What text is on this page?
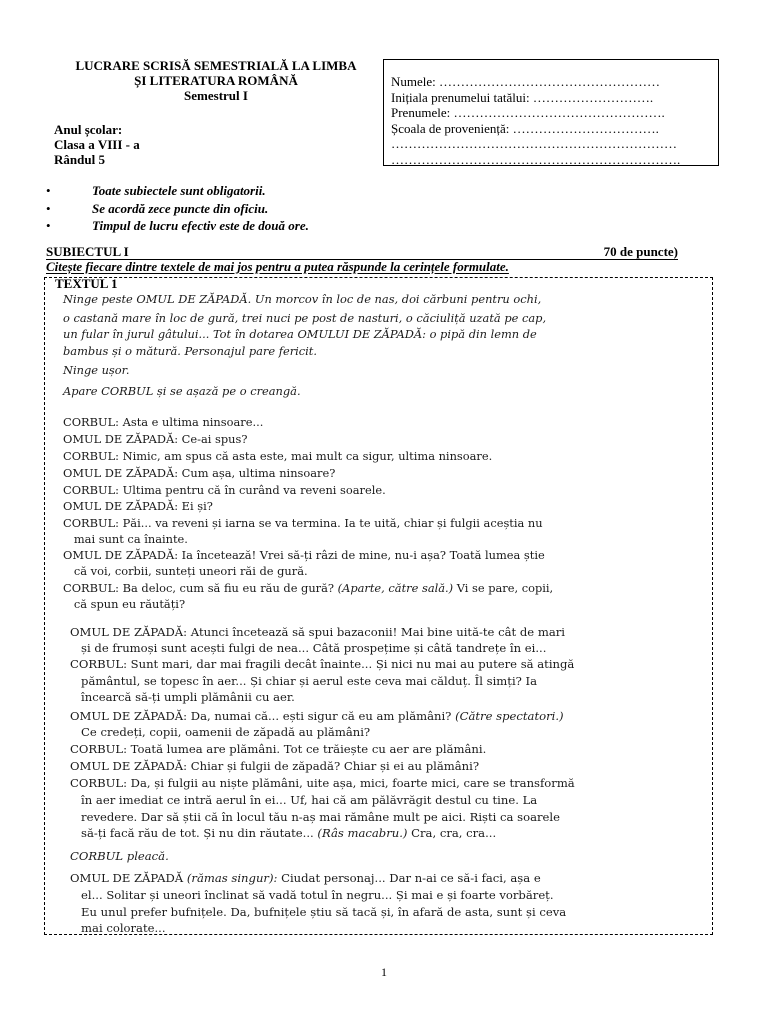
LUCRARE SCRISĂ SEMESTRIALĂ LA LIMBA
ȘI LITERATURA ROMÂNĂ
Semestrul I
Anul școlar:
Clasa a VIII - a
Rândul 5
Numele: ……………………………………………
Inițiala prenumelui tatălui: ……………………….
Prenumele: ………………………………………….
Școala de proveniență: …………………………….
…………………………………………………………
………………………………………………………….
•	Toate subiectele sunt obligatorii.
•	Se acordă zece puncte din oficiu.
•	Timpul de lucru efectiv este de două ore.
SUBIECTUL I	70 de puncte)
Citește fiecare dintre textele de mai jos pentru a putea răspunde la cerințele formulate.
TEXTUL 1
Ninge peste OMUL DE ZĂPADĂ. Un morcov în loc de nas, doi cărbuni pentru ochi,
o castană mare în loc de gură, trei nuci pe post de nasturi, o căciuliță uzată pe cap,
un fular în jurul gâtului... Tot în dotarea OMULUI DE ZĂPADĂ: o pipă din lemn de
bambus și o mătură. Personajul pare fericit.
Ninge ușor.
Apare CORBUL și se așază pe o creangă.
CORBUL: Asta e ultima ninsoare...
OMUL DE ZĂPADĂ: Ce-ai spus?
CORBUL: Nimic, am spus că asta este, mai mult ca sigur, ultima ninsoare.
OMUL DE ZĂPADĂ: Cum așa, ultima ninsoare?
CORBUL: Ultima pentru că în curând va reveni soarele.
OMUL DE ZĂPADĂ: Ei și?
CORBUL: Păi... va reveni și iarna se va termina. Ia te uită, chiar și fulgii aceștia nu
mai sunt ca înainte.
OMUL DE ZĂPADĂ: Ia încetează! Vrei să-ți râzi de mine, nu-i așa? Toată lumea știe
că voi, corbii, sunteți uneori răi de gură.
CORBUL: Ba deloc, cum să fiu eu rău de gură? (Aparte, către sală.) Vi se pare, copii,
că spun eu răutăți?
OMUL DE ZĂPADĂ: Atunci încetează să spui bazaconii! Mai bine uită-te cât de mari
și de frumoși sunt acești fulgi de nea... Câtă prospețime și câtă tandrețe în ei...
CORBUL: Sunt mari, dar mai fragili decât înainte... Și nici nu mai au putere să atingă
pământul, se topesc în aer... Și chiar și aerul este ceva mai călduț. Îl simți? Ia
încearcă să-ți umpli plămânii cu aer.
OMUL DE ZĂPADĂ: Da, numai că... ești sigur că eu am plămâni? (Către spectatori.)
Ce credeți, copii, oamenii de zăpadă au plămâni?
CORBUL: Toată lumea are plămâni. Tot ce trăiește cu aer are plămâni.
OMUL DE ZĂPADĂ: Chiar și fulgii de zăpadă? Chiar și ei au plămâni?
CORBUL: Da, și fulgii au niște plămâni, uite așa, mici, foarte mici, care se transformă
în aer imediat ce intră aerul în ei... Uf, hai că am pălăvrăgit destul cu tine. La
revedere. Dar să știi că în locul tău n-aș mai rămâne mult pe aici. Riști ca soarele
să-ți facă rău de tot. Și nu din răutate... (Râs macabru.) Cra, cra, cra...
CORBUL pleacă.
OMUL DE ZĂPADĂ (rămas singur): Ciudat personaj... Dar n-ai ce să-i faci, așa e
el... Solitar și uneori înclinat să vadă totul în negru... Și mai e și foarte vorbăreț.
Eu unul prefer bufnițele. Da, bufnițele știu să tacă și, în afară de asta, sunt și ceva
mai colorate...
1
